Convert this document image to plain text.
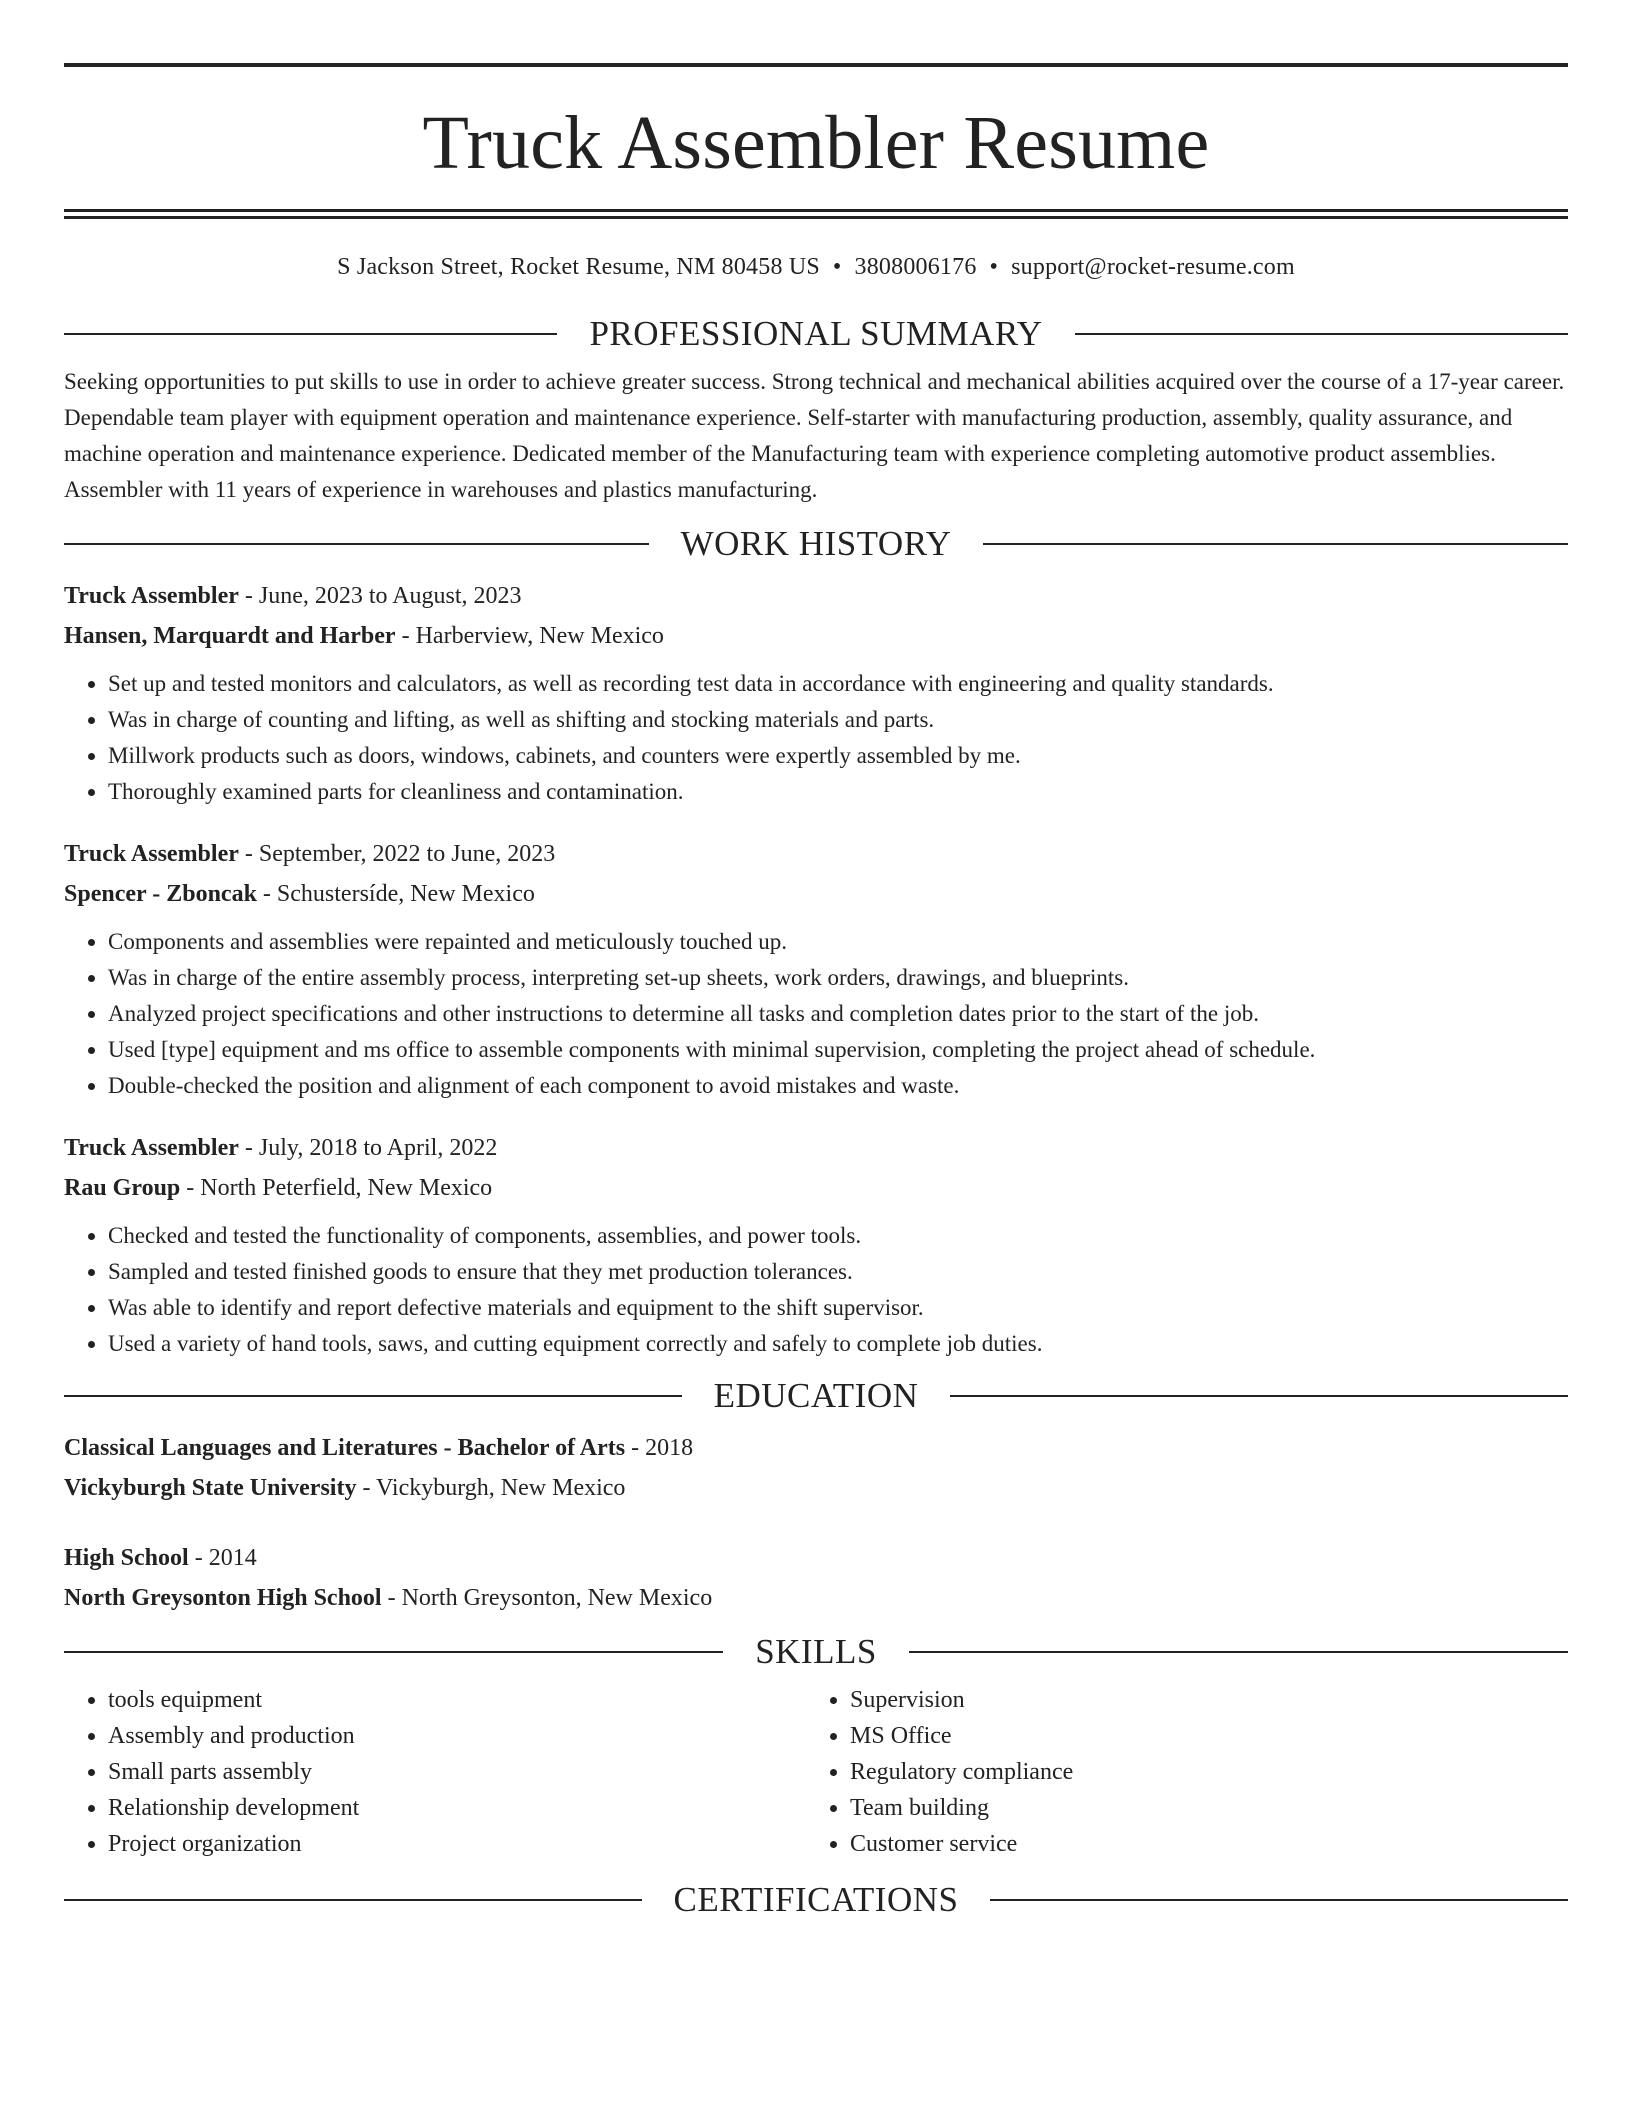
Truck Assembler Resume
S Jackson Street, Rocket Resume, NM 80458 US • 3808006176 • support@rocket-resume.com
PROFESSIONAL SUMMARY

Seeking opportunities to put skills to use in order to achieve greater success. Strong technical and mechanical abilities acquired over the course of a 17-year career. Dependable team player with equipment operation and maintenance experience. Self-starter with manufacturing production, assembly, quality assurance, and machine operation and maintenance experience. Dedicated member of the Manufacturing team with experience completing automotive product assemblies. Assembler with 11 years of experience in warehouses and plastics manufacturing.

WORK HISTORY
Truck Assembler - June, 2023 to August, 2023
Hansen, Marquardt and Harber - Harberview, New Mexico
• Set up and tested monitors and calculators, as well as recording test data in accordance with engineering and quality standards.
• Was in charge of counting and lifting, as well as shifting and stocking materials and parts.
• Millwork products such as doors, windows, cabinets, and counters were expertly assembled by me.
• Thoroughly examined parts for cleanliness and contamination.
Truck Assembler - September, 2022 to June, 2023
Spencer - Zboncak - Schustersíde, New Mexico
• Components and assemblies were repainted and meticulously touched up.
• Was in charge of the entire assembly process, interpreting set-up sheets, work orders, drawings, and blueprints.
• Analyzed project specifications and other instructions to determine all tasks and completion dates prior to the start of the job.
• Used [type] equipment and ms office to assemble components with minimal supervision, completing the project ahead of schedule.
• Double-checked the position and alignment of each component to avoid mistakes and waste.
Truck Assembler - July, 2018 to April, 2022
Rau Group - North Peterfield, New Mexico
• Checked and tested the functionality of components, assemblies, and power tools.
• Sampled and tested finished goods to ensure that they met production tolerances.
• Was able to identify and report defective materials and equipment to the shift supervisor.
• Used a variety of hand tools, saws, and cutting equipment correctly and safely to complete job duties.
EDUCATION
Classical Languages and Literatures - Bachelor of Arts - 2018
Vickyburgh State University - Vickyburgh, New Mexico
High School - 2014
North Greysonton High School - North Greysonton, New Mexico
SKILLS
• tools equipment
• Assembly and production
• Small parts assembly
• Relationship development
• Project organization
• Supervision
• MS Office
• Regulatory compliance
• Team building
• Customer service
CERTIFICATIONS
